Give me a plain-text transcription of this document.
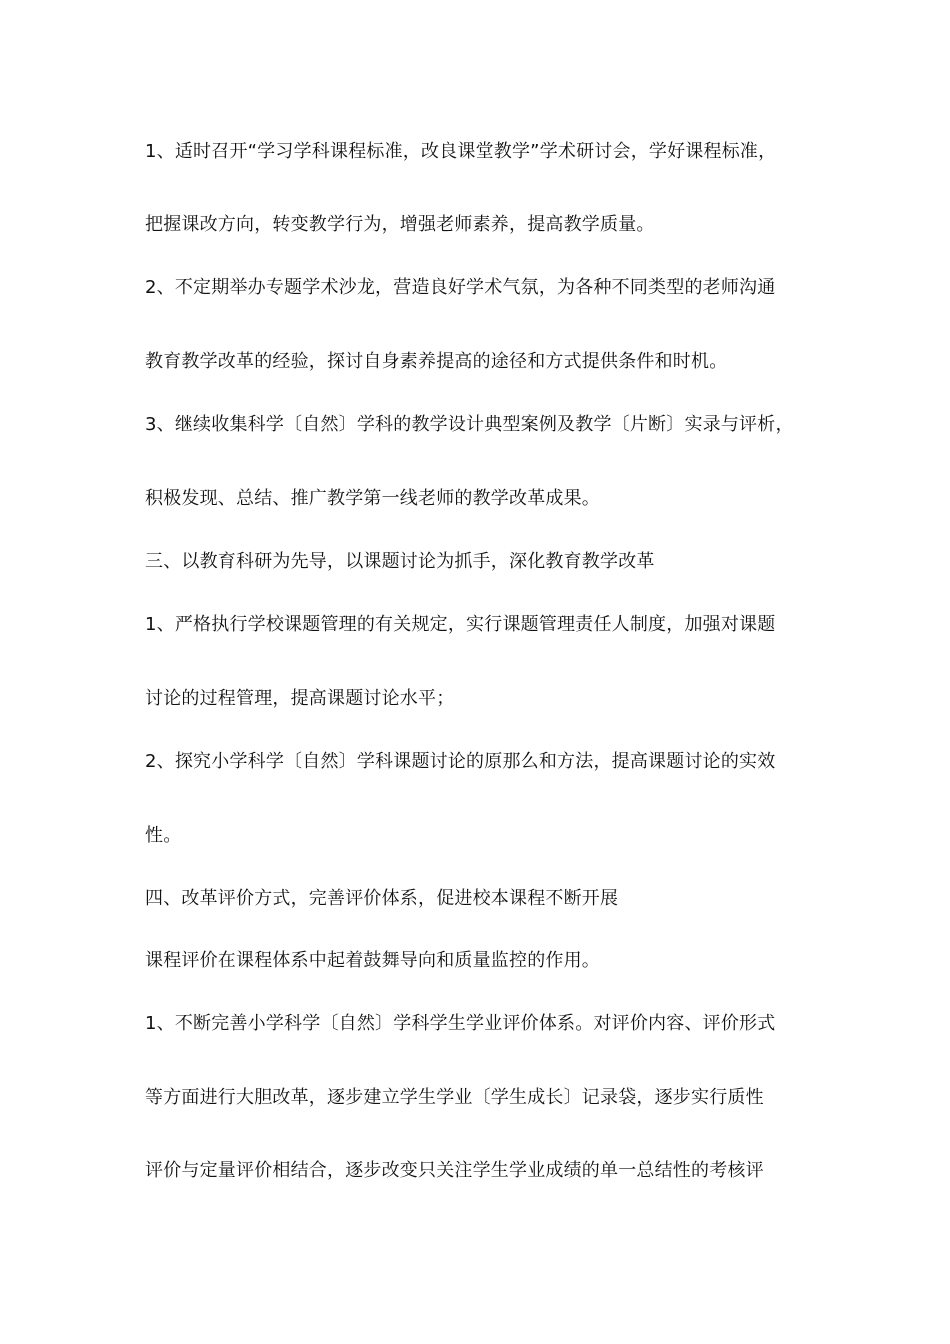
1、适时召开“学习学科课程标准，改良课堂教学”学术研讨会，学好课程标准，
把握课改方向，转变教学行为，增强老师素养，提高教学质量。
2、不定期举办专题学术沙龙，营造良好学术气氛，为各种不同类型的老师沟通
教育教学改革的经验，探讨自身素养提高的途径和方式提供条件和时机。
3、继续收集科学〔自然〕学科的教学设计典型案例及教学〔片断〕实录与评析，
积极发现、总结、推广教学第一线老师的教学改革成果。
三、以教育科研为先导，以课题讨论为抓手，深化教育教学改革
1、严格执行学校课题管理的有关规定，实行课题管理责任人制度，加强对课题
讨论的过程管理，提高课题讨论水平；
2、探究小学科学〔自然〕学科课题讨论的原那么和方法，提高课题讨论的实效
性。
四、改革评价方式，完善评价体系，促进校本课程不断开展
课程评价在课程体系中起着鼓舞导向和质量监控的作用。
1、不断完善小学科学〔自然〕学科学生学业评价体系。对评价内容、评价形式
等方面进行大胆改革，逐步建立学生学业〔学生成长〕记录袋，逐步实行质性
评价与定量评价相结合，逐步改变只关注学生学业成绩的单一总结性的考核评
